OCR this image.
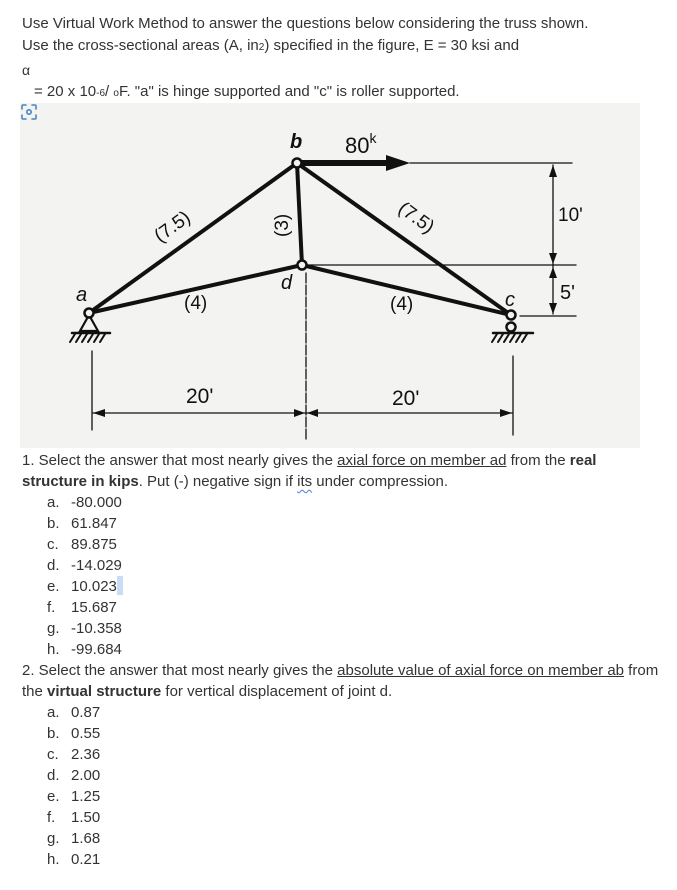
Use Virtual Work Method to answer the questions below considering the truss shown.

Use the cross-sectional areas (A, in2) specified in the figure, E = 30 ksi and

α

= 20 x 10-6/ oF. "a" is hinge supported and "c" is roller supported.

a
b
d
c
80$^k$
(7.5)	(7.5)
(3)
(4)	(4)
20'	20'
10'
5'

1. Select the answer that most nearly gives the axial force on member ad from the real structure in kips. Put (-) negative sign if its under compression.

a. -80.000
b. 61.847
c. 89.875
d. -14.029
e. 10.023
f.	15.687
g. -10.358
h. -99.684

2. Select the answer that most nearly gives the absolute value of axial force on member ab from the virtual structure for vertical displacement of joint d.

a. 0.87
b. 0.55
c. 2.36
d. 2.00
e. 1.25
f.	1.50
g. 1.68
h. 0.21
